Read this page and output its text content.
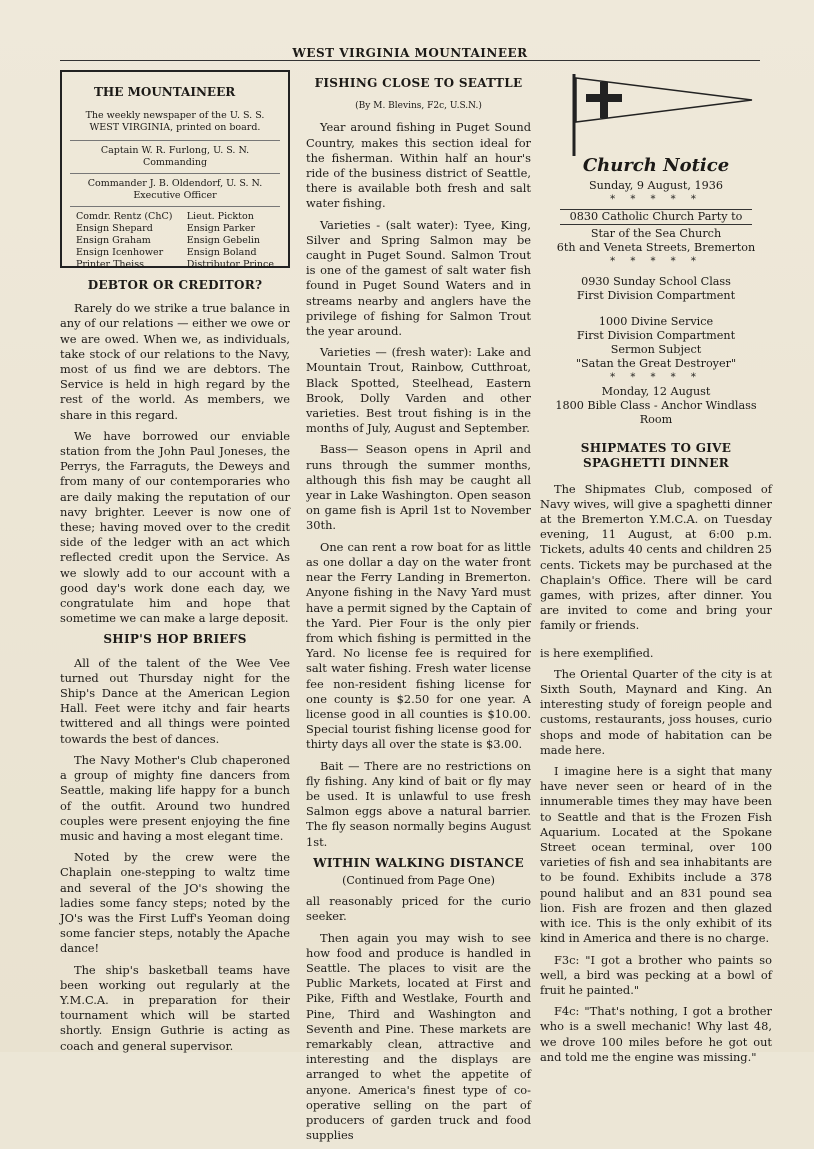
WEST VIRGINIA MOUNTAINEER
THE MOUNTAINEER
The weekly newspaper of the U. S. S. WEST VIRGINIA, printed on board.
Captain W. R. Furlong, U. S. N.
Commanding
Commander J. B. Oldendorf, U. S. N.
Executive Officer
Comdr. Rentz (ChC)
Ensign Shepard
Ensign Graham
Ensign Icenhower
Printer Theiss
Lieut. Pickton
Ensign Parker
Ensign Gebelin
Ensign Boland
Distributor Prince
DEBTOR OR CREDITOR?

Rarely do we strike a true balance in any of our relations — either we owe or we are owed. When we, as individuals, take stock of our relations to the Navy, most of us find we are debtors. The Service is held in high regard by the rest of the world. As members, we share in this regard.

We have borrowed our enviable station from the John Paul Joneses, the Perrys, the Farraguts, the Deweys and from many of our contemporaries who are daily making the reputation of our navy brighter. Leever is now one of these; having moved over to the credit side of the ledger with an act which reflected credit upon the Service. As we slowly add to our account with a good day's work done each day, we congratulate him and hope that sometime we can make a large deposit.

SHIP'S HOP BRIEFS

All of the talent of the Wee Vee turned out Thursday night for the Ship's Dance at the American Legion Hall. Feet were itchy and fair hearts twittered and all things were pointed towards the best of dances.

The Navy Mother's Club chaperoned a group of mighty fine dancers from Seattle, making life happy for a bunch of the outfit. Around two hundred couples were present enjoying the fine music and having a most elegant time.

Noted by the crew were the Chaplain one-stepping to waltz time and several of the JO's showing the ladies some fancy steps; noted by the JO's was the First Luff's Yeoman doing some fancier steps, notably the Apache dance!

The ship's basketball teams have been working out regularly at the Y.M.C.A. in preparation for their tournament which will be started shortly. Ensign Guthrie is acting as coach and general supervisor.

FISHING CLOSE TO SEATTLE
(By M. Blevins, F2c, U.S.N.)

Year around fishing in Puget Sound Country, makes this section ideal for the fisherman. Within half an hour's ride of the business district of Seattle, there is available both fresh and salt water fishing.

Varieties - (salt water): Tyee, King, Silver and Spring Salmon may be caught in Puget Sound. Salmon Trout is one of the gamest of salt water fish found in Puget Sound Waters and in streams nearby and anglers have the privilege of fishing for Salmon Trout the year around.

Varieties — (fresh water): Lake and Mountain Trout, Rainbow, Cutthroat, Black Spotted, Steelhead, Eastern Brook, Dolly Varden and other varieties. Best trout fishing is in the months of July, August and September.

Bass— Season opens in April and runs through the summer months, although this fish may be caught all year in Lake Washington. Open season on game fish is April 1st to November 30th.

One can rent a row boat for as little as one dollar a day on the water front near the Ferry Landing in Bremerton. Anyone fishing in the Navy Yard must have a permit signed by the Captain of the Yard. Pier Four is the only pier from which fishing is permitted in the Yard. No license fee is required for salt water fishing. Fresh water license fee non-resident fishing license for one county is $2.50 for one year. A license good in all counties is $10.00. Special tourist fishing license good for thirty days all over the state is $3.00.

Bait — There are no restrictions on fly fishing. Any kind of bait or fly may be used. It is unlawful to use fresh Salmon eggs above a natural barrier. The fly season normally begins August 1st.

WITHIN WALKING DISTANCE
(Continued from Page One)

all reasonably priced for the curio seeker.

Then again you may wish to see how food and produce is handled in Seattle. The places to visit are the Public Markets, located at First and Pike, Fifth and Westlake, Fourth and Pine, Third and Washington and Seventh and Pine. These markets are remarkably clean, attractive and interesting and the displays are arranged to whet the appetite of anyone. America's finest type of co-operative selling on the part of producers of garden truck and food supplies

Church Notice
Sunday, 9 August, 1936
* * * * *
0830 Catholic Church Party to
Star of the Sea Church
6th and Veneta Streets, Bremerton
* * * * *
0930 Sunday School Class
First Division Compartment
1000 Divine Service
First Division Compartment
Sermon Subject
"Satan the Great Destroyer"
* * * * *
Monday, 12 August
1800 Bible Class - Anchor Windlass Room
SHIPMATES TO GIVE SPAGHETTI DINNER

The Shipmates Club, composed of Navy wives, will give a spaghetti dinner at the Bremerton Y.M.C.A. on Tuesday evening, 11 August, at 6:00 p.m. Tickets, adults 40 cents and children 25 cents. Tickets may be purchased at the Chaplain's Office. There will be card games, with prizes, after dinner. You are invited to come and bring your family or friends.

is here exemplified.

The Oriental Quarter of the city is at Sixth South, Maynard and King. An interesting study of foreign people and customs, restaurants, joss houses, curio shops and mode of habitation can be made here.

I imagine here is a sight that many have never seen or heard of in the innumerable times they may have been to Seattle and that is the Frozen Fish Aquarium. Located at the Spokane Street ocean terminal, over 100 varieties of fish and sea inhabitants are to be found. Exhibits include a 378 pound halibut and an 831 pound sea lion. Fish are frozen and then glazed with ice. This is the only exhibit of its kind in America and there is no charge.

F3c: "I got a brother who paints so well, a bird was pecking at a bowl of fruit he painted."

F4c: "That's nothing, I got a brother who is a swell mechanic! Why last 48, we drove 100 miles before he got out and told me the engine was missing."
